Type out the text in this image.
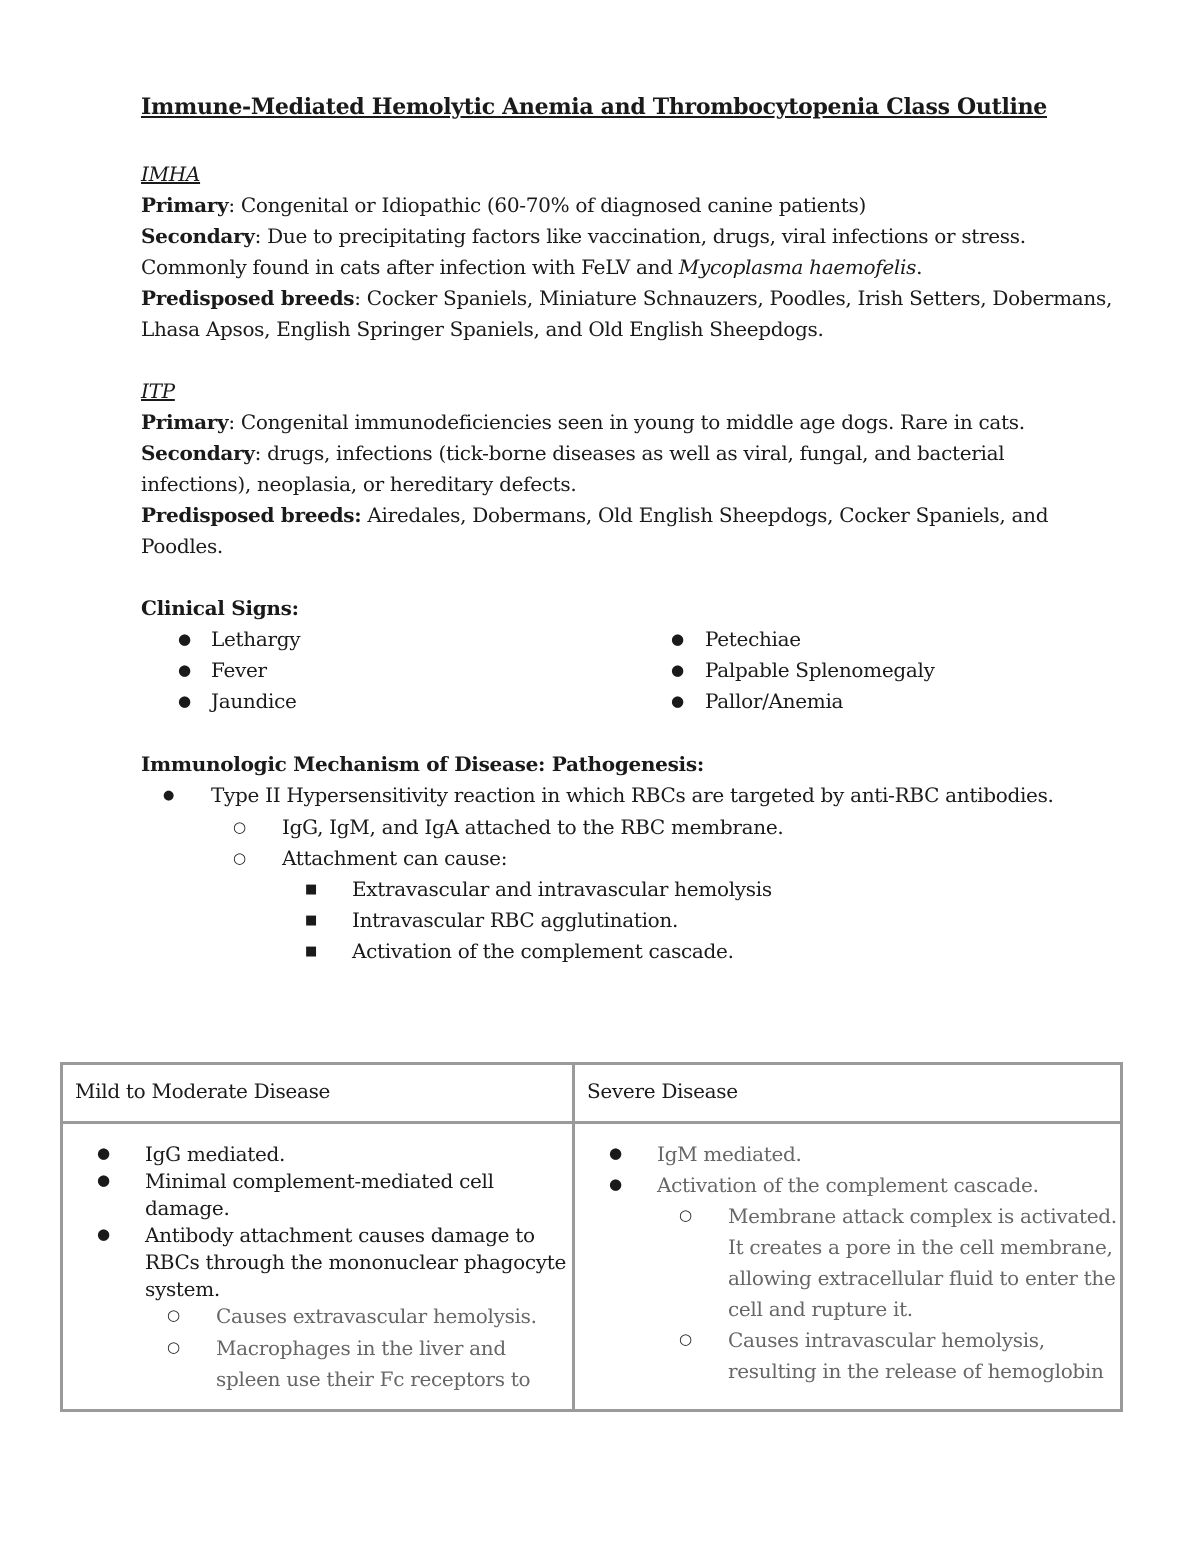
Immune-Mediated Hemolytic Anemia and Thrombocytopenia Class Outline

IMHA

Primary: Congenital or Idiopathic (60-70% of diagnosed canine patients)

Secondary: Due to precipitating factors like vaccination, drugs, viral infections or stress.

Commonly found in cats after infection with FeLV and Mycoplasma haemofelis.

Predisposed breeds: Cocker Spaniels, Miniature Schnauzers, Poodles, Irish Setters, Dobermans,

Lhasa Apsos, English Springer Spaniels, and Old English Sheepdogs.

ITP

Primary: Congenital immunodeficiencies seen in young to middle age dogs. Rare in cats.

Secondary: drugs, infections (tick-borne diseases as well as viral, fungal, and bacterial

infections), neoplasia, or hereditary defects.

Predisposed breeds: Airedales, Dobermans, Old English Sheepdogs, Cocker Spaniels, and

Poodles.

Clinical Signs:

● Lethargy

● Fever

● Jaundice

● Petechiae

● Palpable Splenomegaly

● Pallor/Anemia

Immunologic Mechanism of Disease: Pathogenesis:

● Type II Hypersensitivity reaction in which RBCs are targeted by anti-RBC antibodies.

○ IgG, IgM, and IgA attached to the RBC membrane.

○ Attachment can cause:

■ Extravascular and intravascular hemolysis

■ Intravascular RBC agglutination.

■ Activation of the complement cascade.

Mild to Moderate Disease	Severe Disease
● IgG mediated.
● Minimal complement-mediated cell
damage.
● Antibody attachment causes damage to
RBCs through the mononuclear phagocyte
system.
○ Causes extravascular hemolysis.
○ Macrophages in the liver and
spleen use their Fc receptors to
● IgM mediated.
● Activation of the complement cascade.
○ Membrane attack complex is activated.
It creates a pore in the cell membrane,
allowing extracellular fluid to enter the
cell and rupture it.
○ Causes intravascular hemolysis,
resulting in the release of hemoglobin
